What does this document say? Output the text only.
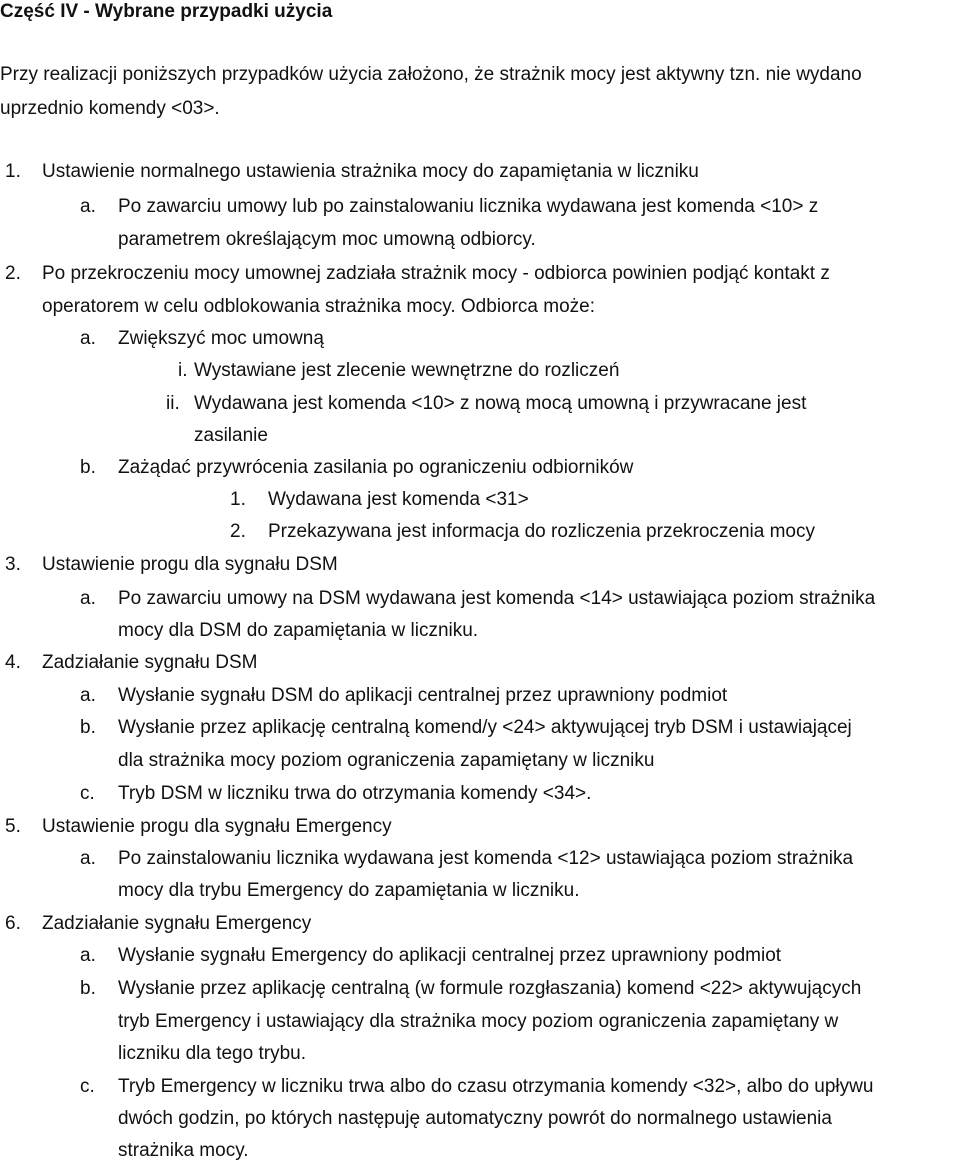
Część IV - Wybrane przypadki użycia
Przy realizacji poniższych przypadków użycia założono, że strażnik mocy jest aktywny tzn. nie wydano
uprzednio komendy <03>.
1. Ustawienie normalnego ustawienia strażnika mocy do zapamiętania w liczniku
a. Po zawarciu umowy lub po zainstalowaniu licznika wydawana jest komenda <10> z
parametrem określającym moc umowną odbiorcy.
2. Po przekroczeniu mocy umownej zadziała strażnik mocy - odbiorca powinien podjąć kontakt z
operatorem w celu odblokowania strażnika mocy. Odbiorca może:
a. Zwiększyć moc umowną
i. Wystawiane jest zlecenie wewnętrzne do rozliczeń
ii. Wydawana jest komenda <10> z nową mocą umowną i przywracane jest
zasilanie
b. Zażądać przywrócenia zasilania po ograniczeniu odbiorników
1. Wydawana jest komenda <31>
2. Przekazywana jest informacja do rozliczenia przekroczenia mocy
3. Ustawienie progu dla sygnału DSM
a. Po zawarciu umowy na DSM wydawana jest komenda <14> ustawiająca poziom strażnika
mocy dla DSM do zapamiętania w liczniku.
4. Zadziałanie sygnału DSM
a. Wysłanie sygnału DSM do aplikacji centralnej przez uprawniony podmiot
b. Wysłanie przez aplikację centralną komend/y <24> aktywującej tryb DSM i ustawiającej
dla strażnika mocy poziom ograniczenia zapamiętany w liczniku
c. Tryb DSM w liczniku trwa do otrzymania komendy <34>.
5. Ustawienie progu dla sygnału Emergency
a. Po zainstalowaniu licznika wydawana jest komenda <12> ustawiająca poziom strażnika
mocy dla trybu Emergency do zapamiętania w liczniku.
6. Zadziałanie sygnału Emergency
a. Wysłanie sygnału Emergency do aplikacji centralnej przez uprawniony podmiot
b. Wysłanie przez aplikację centralną (w formule rozgłaszania) komend <22> aktywujących
tryb Emergency i ustawiający dla strażnika mocy poziom ograniczenia zapamiętany w
liczniku dla tego trybu.
c. Tryb Emergency w liczniku trwa albo do czasu otrzymania komendy <32>, albo do upływu
dwóch godzin, po których następuję automatyczny powrót do normalnego ustawienia
strażnika mocy.
